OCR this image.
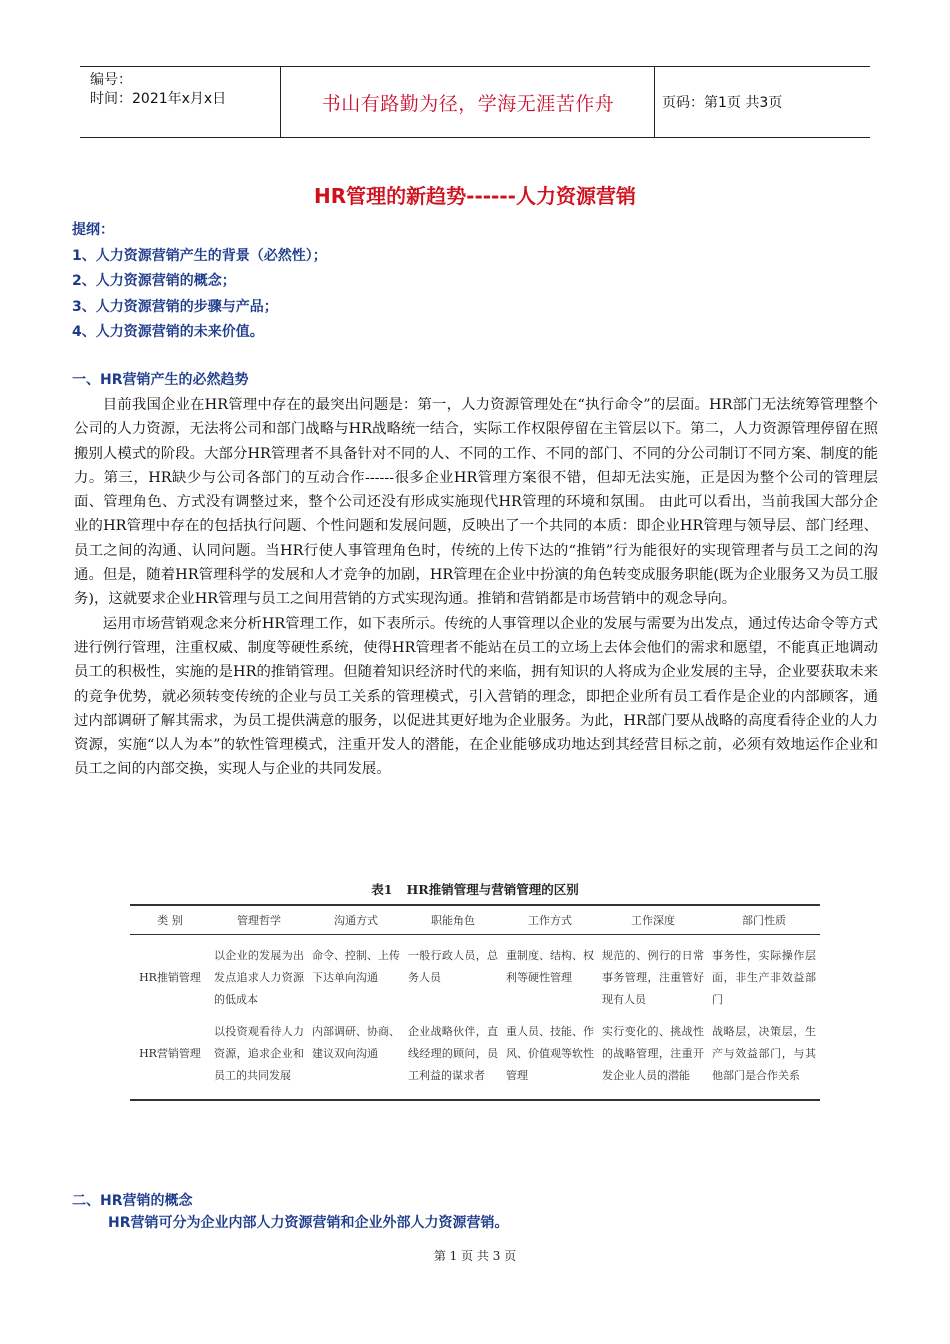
编号：
时间：2021年x月x日	书山有路勤为径，学海无涯苦作舟	页码：第1页 共3页
HR管理的新趋势------人力资源营销
提纲：
1、人力资源营销产生的背景（必然性）；
2、人力资源营销的概念；
3、人力资源营销的步骤与产品；
4、人力资源营销的未来价值。
一、HR营销产生的必然趋势

目前我国企业在HR管理中存在的最突出问题是：第一，人力资源管理处在“执行命令”的层面。HR部门无法统筹管理整个公司的人力资源，无法将公司和部门战略与HR战略统一结合，实际工作权限停留在主管层以下。第二，人力资源管理停留在照搬别人模式的阶段。大部分HR管理者不具备针对不同的人、不同的工作、不同的部门、不同的分公司制订不同方案、制度的能力。第三，HR缺少与公司各部门的互动合作------很多企业HR管理方案很不错，但却无法实施，正是因为整个公司的管理层面、管理角色、方式没有调整过来，整个公司还没有形成实施现代HR管理的环境和氛围。 由此可以看出，当前我国大部分企业的HR管理中存在的包括执行问题、个性问题和发展问题，反映出了一个共同的本质：即企业HR管理与领导层、部门经理、员工之间的沟通、认同问题。当HR行使人事管理角色时，传统的上传下达的“推销”行为能很好的实现管理者与员工之间的沟通。但是，随着HR管理科学的发展和人才竞争的加剧，HR管理在企业中扮演的角色转变成服务职能(既为企业服务又为员工服务)，这就要求企业HR管理与员工之间用营销的方式实现沟通。推销和营销都是市场营销中的观念导向。

运用市场营销观念来分析HR管理工作，如下表所示。传统的人事管理以企业的发展与需要为出发点，通过传达命令等方式进行例行管理，注重权威、制度等硬性系统，使得HR管理者不能站在员工的立场上去体会他们的需求和愿望，不能真正地调动员工的积极性，实施的是HR的推销管理。但随着知识经济时代的来临，拥有知识的人将成为企业发展的主导，企业要获取未来的竞争优势，就必须转变传统的企业与员工关系的管理模式，引入营销的理念，即把企业所有员工看作是企业的内部顾客，通过内部调研了解其需求，为员工提供满意的服务，以促进其更好地为企业服务。为此，HR部门要从战略的高度看待企业的人力资源，实施“以人为本”的软性管理模式，注重开发人的潜能，在企业能够成功地达到其经营目标之前，必须有效地运作企业和员工之间的内部交换，实现人与企业的共同发展。

表1 HR推销管理与营销管理的区别
类 别	管理哲学	沟通方式	职能角色	工作方式	工作深度	部门性质
HR推销管理	以企业的发展为出发点追求人力资源的低成本	命令、控制、上传下达单向沟通	一般行政人员，总务人员	重制度、结构、权利等硬性管理	规范的、例行的日常事务管理，注重管好现有人员	事务性，实际操作层面，非生产非效益部门
HR营销管理	以投资观看待人力资源，追求企业和员工的共同发展	内部调研、协商、建议双向沟通	企业战略伙伴，直线经理的顾问，员工利益的谋求者	重人员、技能、作风、价值观等软性管理	实行变化的、挑战性的战略管理，注重开发企业人员的潜能	战略层，决策层，生产与效益部门，与其他部门是合作关系
二、HR营销的概念
HR营销可分为企业内部人力资源营销和企业外部人力资源营销。
第 1 页 共 3 页
